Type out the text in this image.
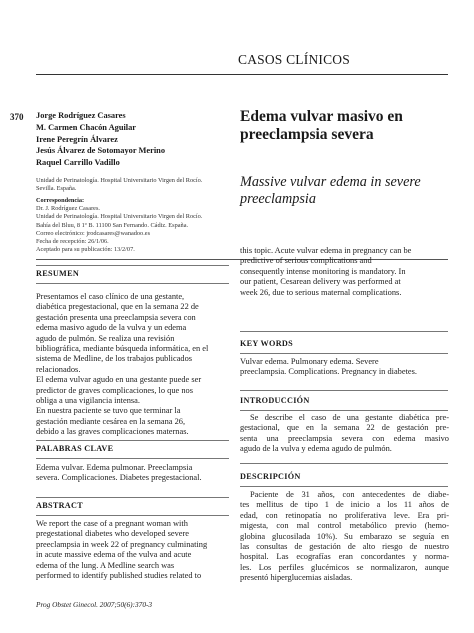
CASOS CLÍNICOS
370 Jorge Rodríguez Casares
M. Carmen Chacón Aguilar
Irene Peregrín Álvarez
Jesús Álvarez de Sotomayor Merino
Raquel Carrillo Vadillo
Edema vulvar masivo en
preeclampsia severa
Massive vulvar edema in severe
preeclampsia
Unidad de Perinatología. Hospital Universitario Virgen del Rocío.
Sevilla. España.
Correspondencia:
Dr. J. Rodríguez Casares.
Unidad de Perinatología. Hospital Universitario Virgen del Rocío.
Bahía del Bluu, 8 1º B. 11100 San Fernando. Cádiz. España.
Correo electrónico: jrodcasares@wanadoo.es
Fecha de recepción: 26/1/06.
Aceptado para su publicación: 13/2/07.
RESUMEN
Presentamos el caso clínico de una gestante,
diabética pregestacional, que en la semana 22 de
gestación presenta una preeclampsia severa con
edema masivo agudo de la vulva y un edema
agudo de pulmón. Se realiza una revisión
bibliográfica, mediante búsqueda informática, en el
sistema de Medline, de los trabajos publicados
relacionados.
El edema vulvar agudo en una gestante puede ser
predictor de graves complicaciones, lo que nos
obliga a una vigilancia intensa.
En nuestra paciente se tuvo que terminar la
gestación mediante cesárea en la semana 26,
debido a las graves complicaciones maternas.
PALABRAS CLAVE
Edema vulvar. Edema pulmonar. Preeclampsia
severa. Complicaciones. Diabetes pregestacional.
ABSTRACT
We report the case of a pregnant woman with
pregestational diabetes who developed severe
preeclampsia in week 22 of pregnancy culminating
in acute massive edema of the vulva and acute
edema of the lung. A Medline search was
performed to identify published studies related to
this topic. Acute vulvar edema in pregnancy can be
predictive of serious complications and
consequently intense monitoring is mandatory. In
our patient, Cesarean delivery was performed at
week 26, due to serious maternal complications.
KEY WORDS
Vulvar edema. Pulmonary edema. Severe
preeclampsia. Complications. Pregnancy in diabetes.
INTRODUCCIÓN
Se describe el caso de una gestante diabética pre-
gestacional, que en la semana 22 de gestación pre-
senta una preeclampsia severa con edema masivo
agudo de la vulva y edema agudo de pulmón.
DESCRIPCIÓN
Paciente de 31 años, con antecedentes de diabe-
tes mellitus de tipo 1 de inicio a los 11 años de
edad, con retinopatía no proliferativa leve. Era pri-
migesta, con mal control metabólico previo (hemo-
globina glucosilada 10%). Su embarazo se seguía en
las consultas de gestación de alto riesgo de nuestro
hospital. Las ecografías eran concordantes y norma-
les. Los perfiles glucémicos se normalizaron, aunque
presentó hiperglucemias aisladas.
Prog Obstet Ginecol. 2007;50(6):370-3
